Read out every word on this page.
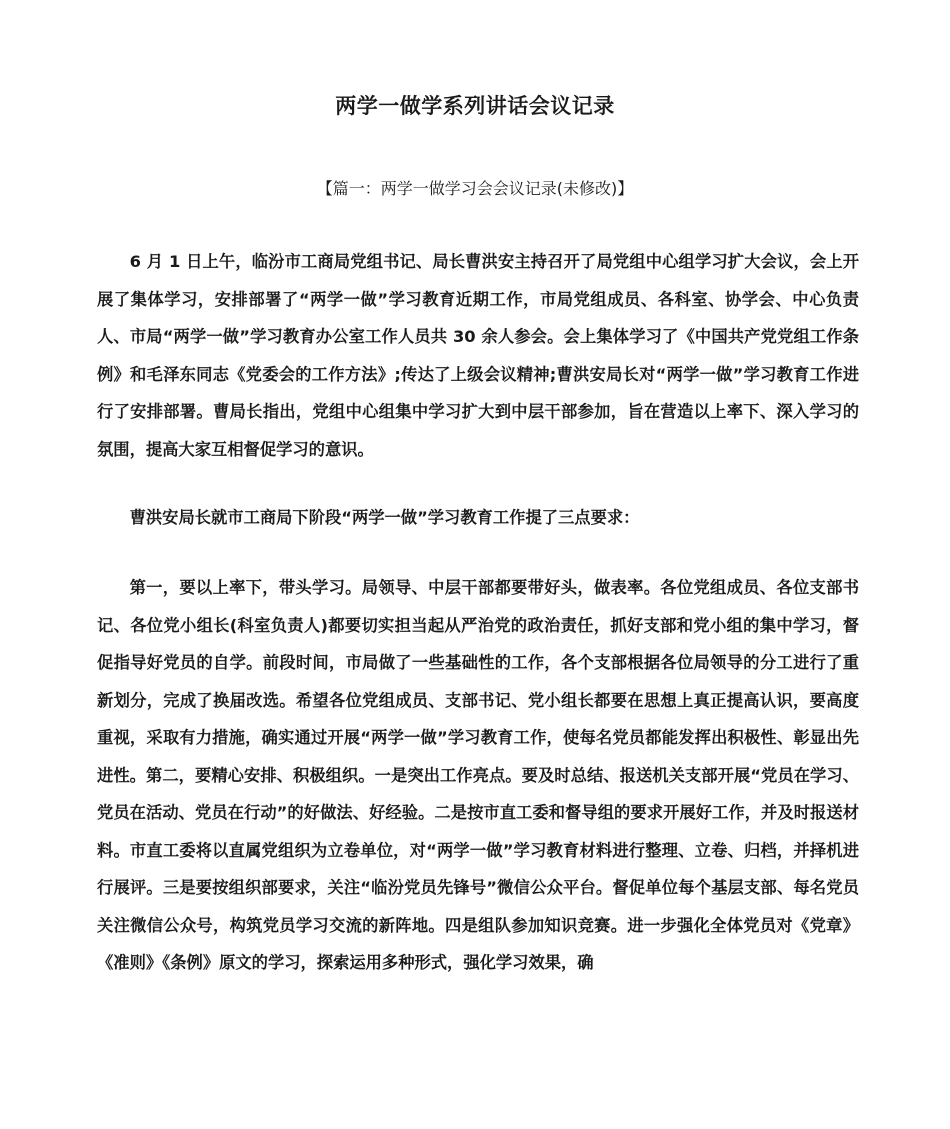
两学一做学系列讲话会议记录
【篇一：两学一做学习会会议记录(未修改)】

6 月 1 日上午，临汾市工商局党组书记、局长曹洪安主持召开了局党组中心组学习扩大会议，会上开展了集体学习，安排部署了“两学一做”学习教育近期工作，市局党组成员、各科室、协学会、中心负责人、市局“两学一做”学习教育办公室工作人员共 30 余人参会。会上集体学习了《中国共产党党组工作条例》和毛泽东同志《党委会的工作方法》;传达了上级会议精神;曹洪安局长对“两学一做”学习教育工作进行了安排部署。曹局长指出，党组中心组集中学习扩大到中层干部参加，旨在营造以上率下、深入学习的氛围，提高大家互相督促学习的意识。

曹洪安局长就市工商局下阶段“两学一做”学习教育工作提了三点要求：

第一，要以上率下，带头学习。局领导、中层干部都要带好头，做表率。各位党组成员、各位支部书记、各位党小组长(科室负责人)都要切实担当起从严治党的政治责任，抓好支部和党小组的集中学习，督促指导好党员的自学。前段时间，市局做了一些基础性的工作，各个支部根据各位局领导的分工进行了重新划分，完成了换届改选。希望各位党组成员、支部书记、党小组长都要在思想上真正提高认识，要高度重视，采取有力措施，确实通过开展“两学一做”学习教育工作，使每名党员都能发挥出积极性、彰显出先进性。第二，要精心安排、积极组织。一是突出工作亮点。要及时总结、报送机关支部开展“党员在学习、党员在活动、党员在行动”的好做法、好经验。二是按市直工委和督导组的要求开展好工作，并及时报送材料。市直工委将以直属党组织为立卷单位，对“两学一做”学习教育材料进行整理、立卷、归档，并择机进行展评。三是要按组织部要求，关注“临汾党员先锋号”微信公众平台。督促单位每个基层支部、每名党员关注微信公众号，构筑党员学习交流的新阵地。四是组队参加知识竞赛。进一步强化全体党员对《党章》《准则》《条例》原文的学习，探索运用多种形式，强化学习效果，确
